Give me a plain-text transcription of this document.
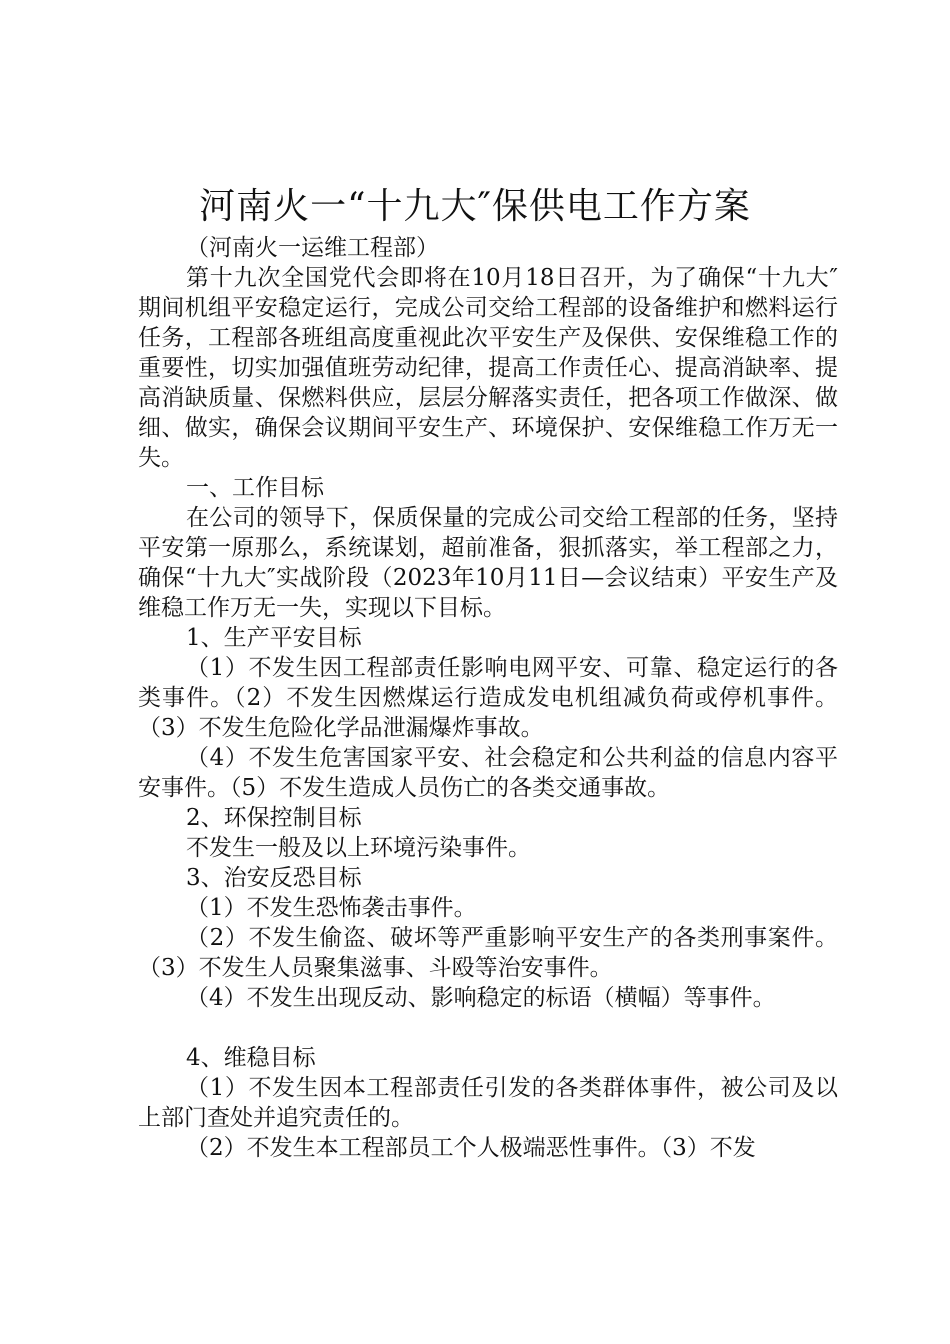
河南火一“十九大″保供电工作方案

（河南火一运维工程部）

第十九次全国党代会即将在10月18日召开，为了确保“十九大″期间机组平安稳定运行，完成公司交给工程部的设备维护和燃料运行任务，工程部各班组高度重视此次平安生产及保供、安保维稳工作的重要性，切实加强值班劳动纪律，提高工作责任心、提高消缺率、提高消缺质量、保燃料供应，层层分解落实责任，把各项工作做深、做细、做实，确保会议期间平安生产、环境保护、安保维稳工作万无一失。

一、工作目标

在公司的领导下，保质保量的完成公司交给工程部的任务，坚持平安第一原那么，系统谋划，超前准备，狠抓落实，举工程部之力，确保“十九大″实战阶段（2023年10月11日—会议结束）平安生产及维稳工作万无一失，实现以下目标。

1、生产平安目标

（1）不发生因工程部责任影响电网平安、可靠、稳定运行的各类事件。（2）不发生因燃煤运行造成发电机组减负荷或停机事件。（3）不发生危险化学品泄漏爆炸事故。

（4）不发生危害国家平安、社会稳定和公共利益的信息内容平安事件。（5）不发生造成人员伤亡的各类交通事故。

2、环保控制目标

不发生一般及以上环境污染事件。

3、治安反恐目标

（1）不发生恐怖袭击事件。

（2）不发生偷盗、破坏等严重影响平安生产的各类刑事案件。（3）不发生人员聚集滋事、斗殴等治安事件。

（4）不发生出现反动、影响稳定的标语（横幅）等事件。

4、维稳目标

（1）不发生因本工程部责任引发的各类群体事件，被公司及以上部门查处并追究责任的。

（2）不发生本工程部员工个人极端恶性事件。（3）不发
